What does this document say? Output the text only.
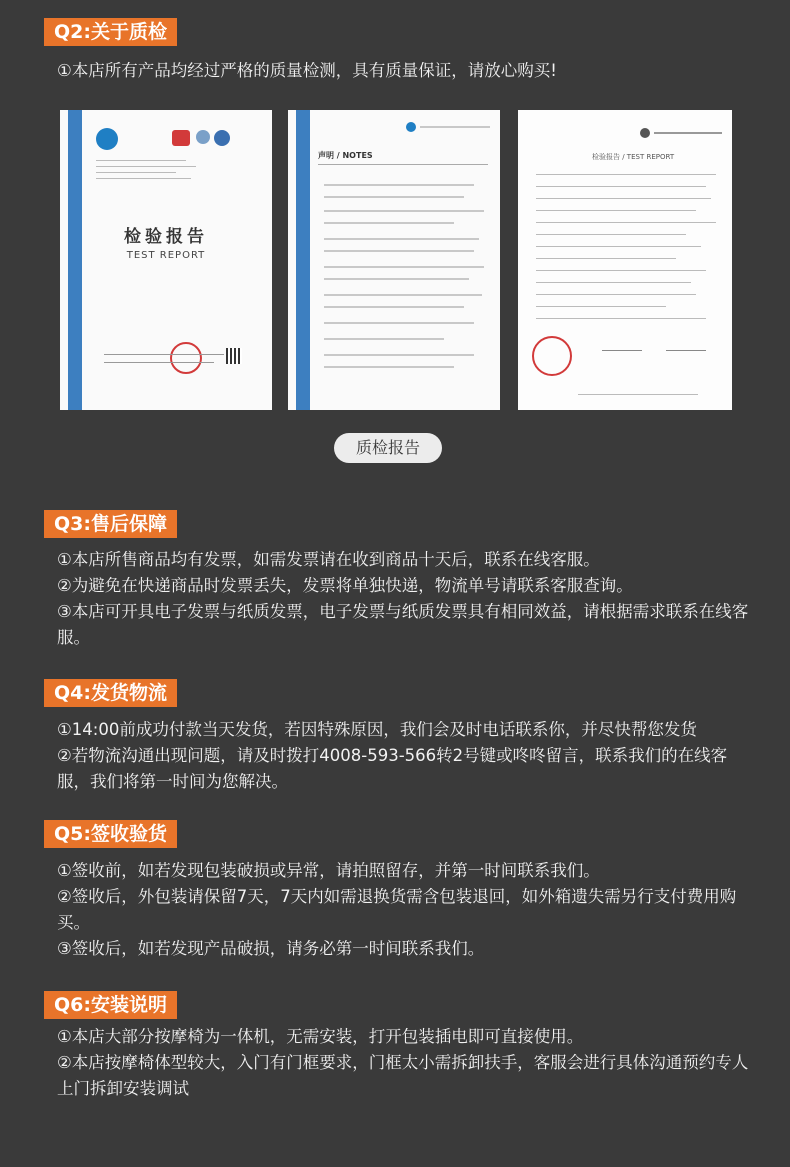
Q2:关于质检
①本店所有产品均经过严格的质量检测，具有质量保证，请放心购买!
检验报告
TEST REPORT
声明 / NOTES	检验报告 / TEST REPORT
质检报告
Q3:售后保障
①本店所售商品均有发票，如需发票请在收到商品十天后，联系在线客服。
②为避免在快递商品时发票丢失，发票将单独快递，物流单号请联系客服查询。
③本店可开具电子发票与纸质发票，电子发票与纸质发票具有相同效益，请根据需求联系在线客服。
Q4:发货物流
①14:00前成功付款当天发货，若因特殊原因，我们会及时电话联系你，并尽快帮您发货
②若物流沟通出现问题，请及时拨打4008-593-566转2号键或咚咚留言，联系我们的在线客服，我们将第一时间为您解决。
Q5:签收验货
①签收前，如若发现包装破损或异常，请拍照留存，并第一时间联系我们。
②签收后，外包装请保留7天，7天内如需退换货需含包装退回，如外箱遗失需另行支付费用购买。
③签收后，如若发现产品破损，请务必第一时间联系我们。
Q6:安装说明
①本店大部分按摩椅为一体机，无需安装，打开包装插电即可直接使用。
②本店按摩椅体型较大，入门有门框要求，门框太小需拆卸扶手，客服会进行具体沟通预约专人上门拆卸安装调试
